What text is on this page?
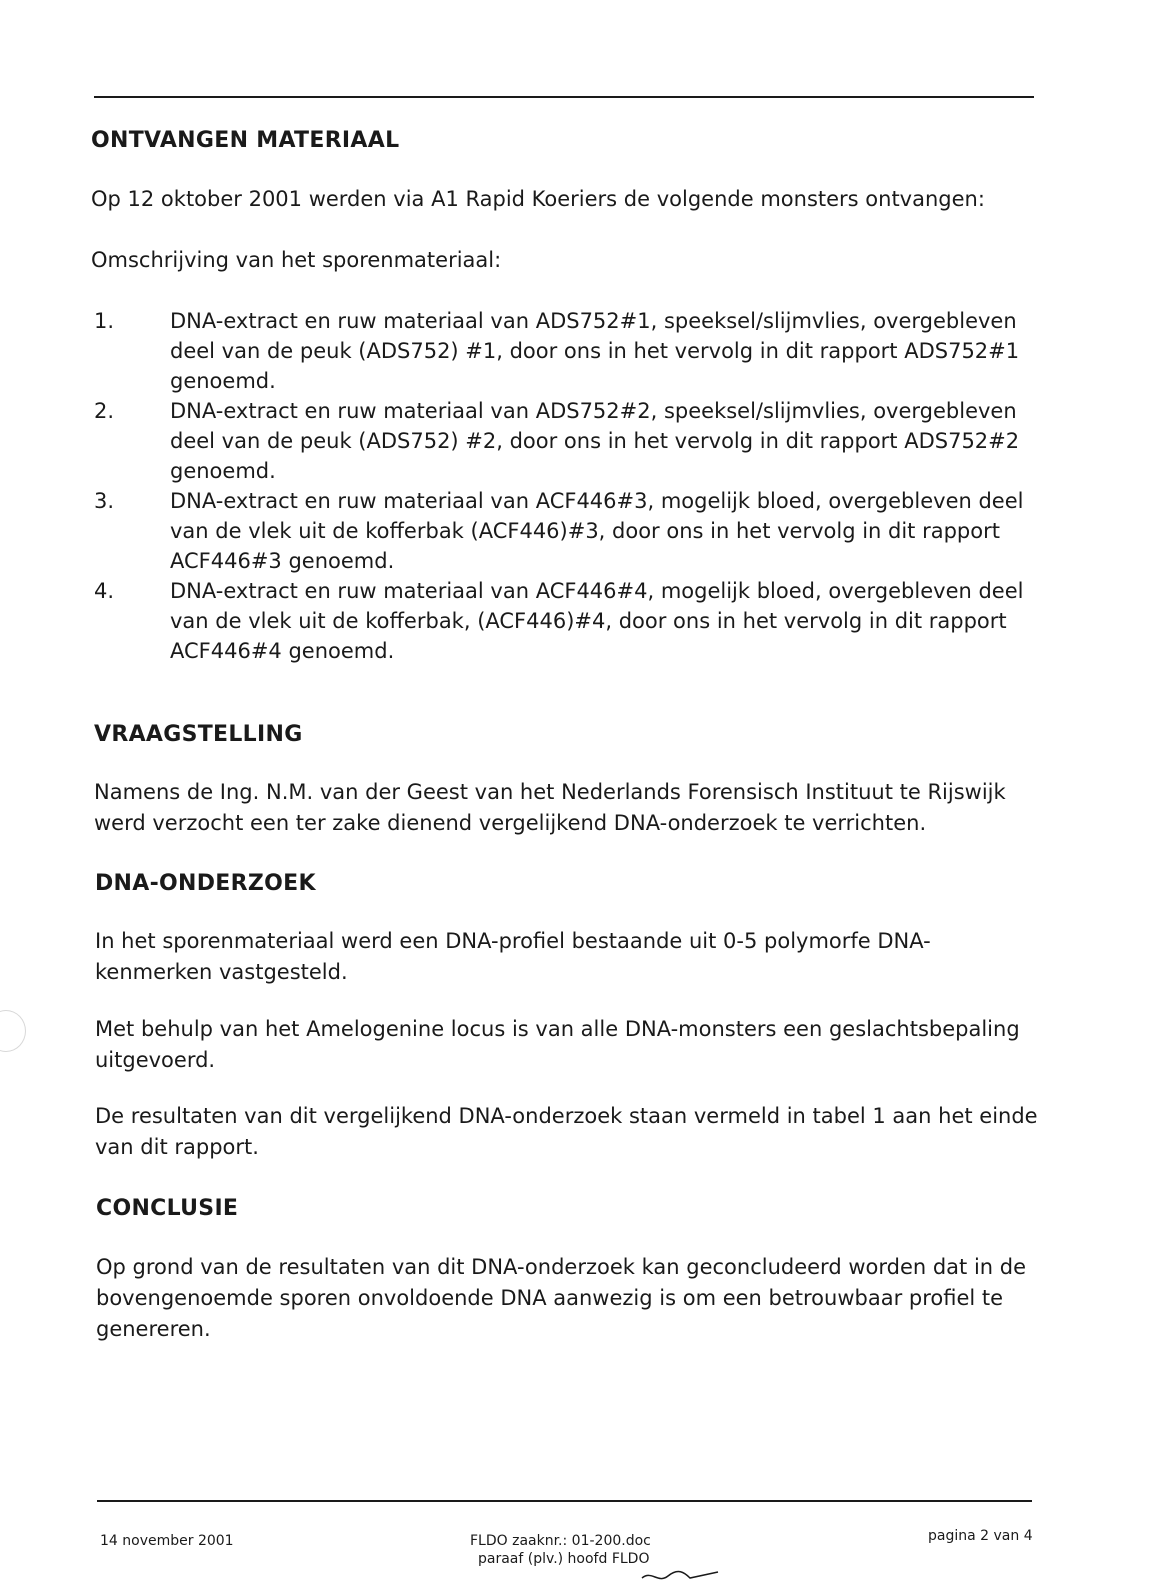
ONTVANGEN MATERIAAL

Op 12 oktober 2001 werden via A1 Rapid Koeriers de volgende monsters ontvangen:

Omschrijving van het sporenmateriaal:

1.	DNA-extract en ruw materiaal van ADS752#1, speeksel/slijmvlies, overgebleven deel van de peuk (ADS752) #1, door ons in het vervolg in dit rapport ADS752#1 genoemd.
2.	DNA-extract en ruw materiaal van ADS752#2, speeksel/slijmvlies, overgebleven deel van de peuk (ADS752) #2, door ons in het vervolg in dit rapport ADS752#2 genoemd.
3.	DNA-extract en ruw materiaal van ACF446#3, mogelijk bloed, overgebleven deel van de vlek uit de kofferbak (ACF446)#3, door ons in het vervolg in dit rapport ACF446#3 genoemd.
4.	DNA-extract en ruw materiaal van ACF446#4, mogelijk bloed, overgebleven deel van de vlek uit de kofferbak, (ACF446)#4, door ons in het vervolg in dit rapport ACF446#4 genoemd.
VRAAGSTELLING

Namens de Ing. N.M. van der Geest van het Nederlands Forensisch Instituut te Rijswijk werd verzocht een ter zake dienend vergelijkend DNA-onderzoek te verrichten.

DNA-ONDERZOEK

In het sporenmateriaal werd een DNA-profiel bestaande uit 0-5 polymorfe DNA-kenmerken vastgesteld.

Met behulp van het Amelogenine locus is van alle DNA-monsters een geslachtsbepaling uitgevoerd.

De resultaten van dit vergelijkend DNA-onderzoek staan vermeld in tabel 1 aan het einde van dit rapport.

CONCLUSIE

Op grond van de resultaten van dit DNA-onderzoek kan geconcludeerd worden dat in de bovengenoemde sporen onvoldoende DNA aanwezig is om een betrouwbaar profiel te genereren.

14 november 2001	FLDO zaaknr.: 01-200.doc
paraaf (plv.) hoofd FLDO
pagina 2 van 4
